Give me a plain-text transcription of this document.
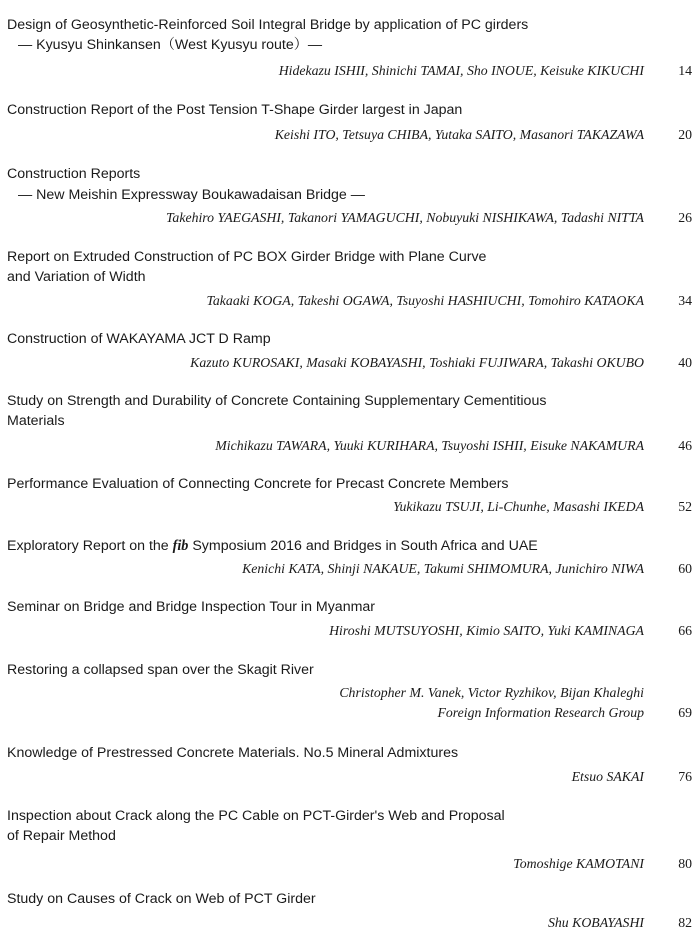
Design of Geosynthetic-Reinforced Soil Integral Bridge by application of PC girders
— Kyusyu Shinkansen（West Kyusyu route）—
Hidekazu ISHII, Shinichi TAMAI, Sho INOUE, Keisuke KIKUCHI 14
Construction Report of the Post Tension T-Shape Girder largest in Japan
Keishi ITO, Tetsuya CHIBA, Yutaka SAITO, Masanori TAKAZAWA 20
Construction Reports
— New Meishin Expressway Boukawadaisan Bridge —
Takehiro YAEGASHI, Takanori YAMAGUCHI, Nobuyuki NISHIKAWA, Tadashi NITTA 26
Report on Extruded Construction of PC BOX Girder Bridge with Plane Curve
and Variation of Width
Takaaki KOGA, Takeshi OGAWA, Tsuyoshi HASHIUCHI, Tomohiro KATAOKA 34
Construction of WAKAYAMA JCT D Ramp
Kazuto KUROSAKI, Masaki KOBAYASHI, Toshiaki FUJIWARA, Takashi OKUBO 40
Study on Strength and Durability of Concrete Containing Supplementary Cementitious
Materials
Michikazu TAWARA, Yuuki KURIHARA, Tsuyoshi ISHII, Eisuke NAKAMURA 46
Performance Evaluation of Connecting Concrete for Precast Concrete Members
Yukikazu TSUJI, Li-Chunhe, Masashi IKEDA 52
Exploratory Report on the fib Symposium 2016 and Bridges in South Africa and UAE
Kenichi KATA, Shinji NAKAUE, Takumi SHIMOMURA, Junichiro NIWA 60
Seminar on Bridge and Bridge Inspection Tour in Myanmar
Hiroshi MUTSUYOSHI, Kimio SAITO, Yuki KAMINAGA 66
Restoring a collapsed span over the Skagit River
Christopher M. Vanek, Victor Ryzhikov, Bijan Khaleghi
Foreign Information Research Group 69
Knowledge of Prestressed Concrete Materials. No.5 Mineral Admixtures
Etsuo SAKAI 76
Inspection about Crack along the PC Cable on PCT-Girder's Web and Proposal
of Repair Method
Tomoshige KAMOTANI 80
Study on Causes of Crack on Web of PCT Girder
Shu KOBAYASHI 82
